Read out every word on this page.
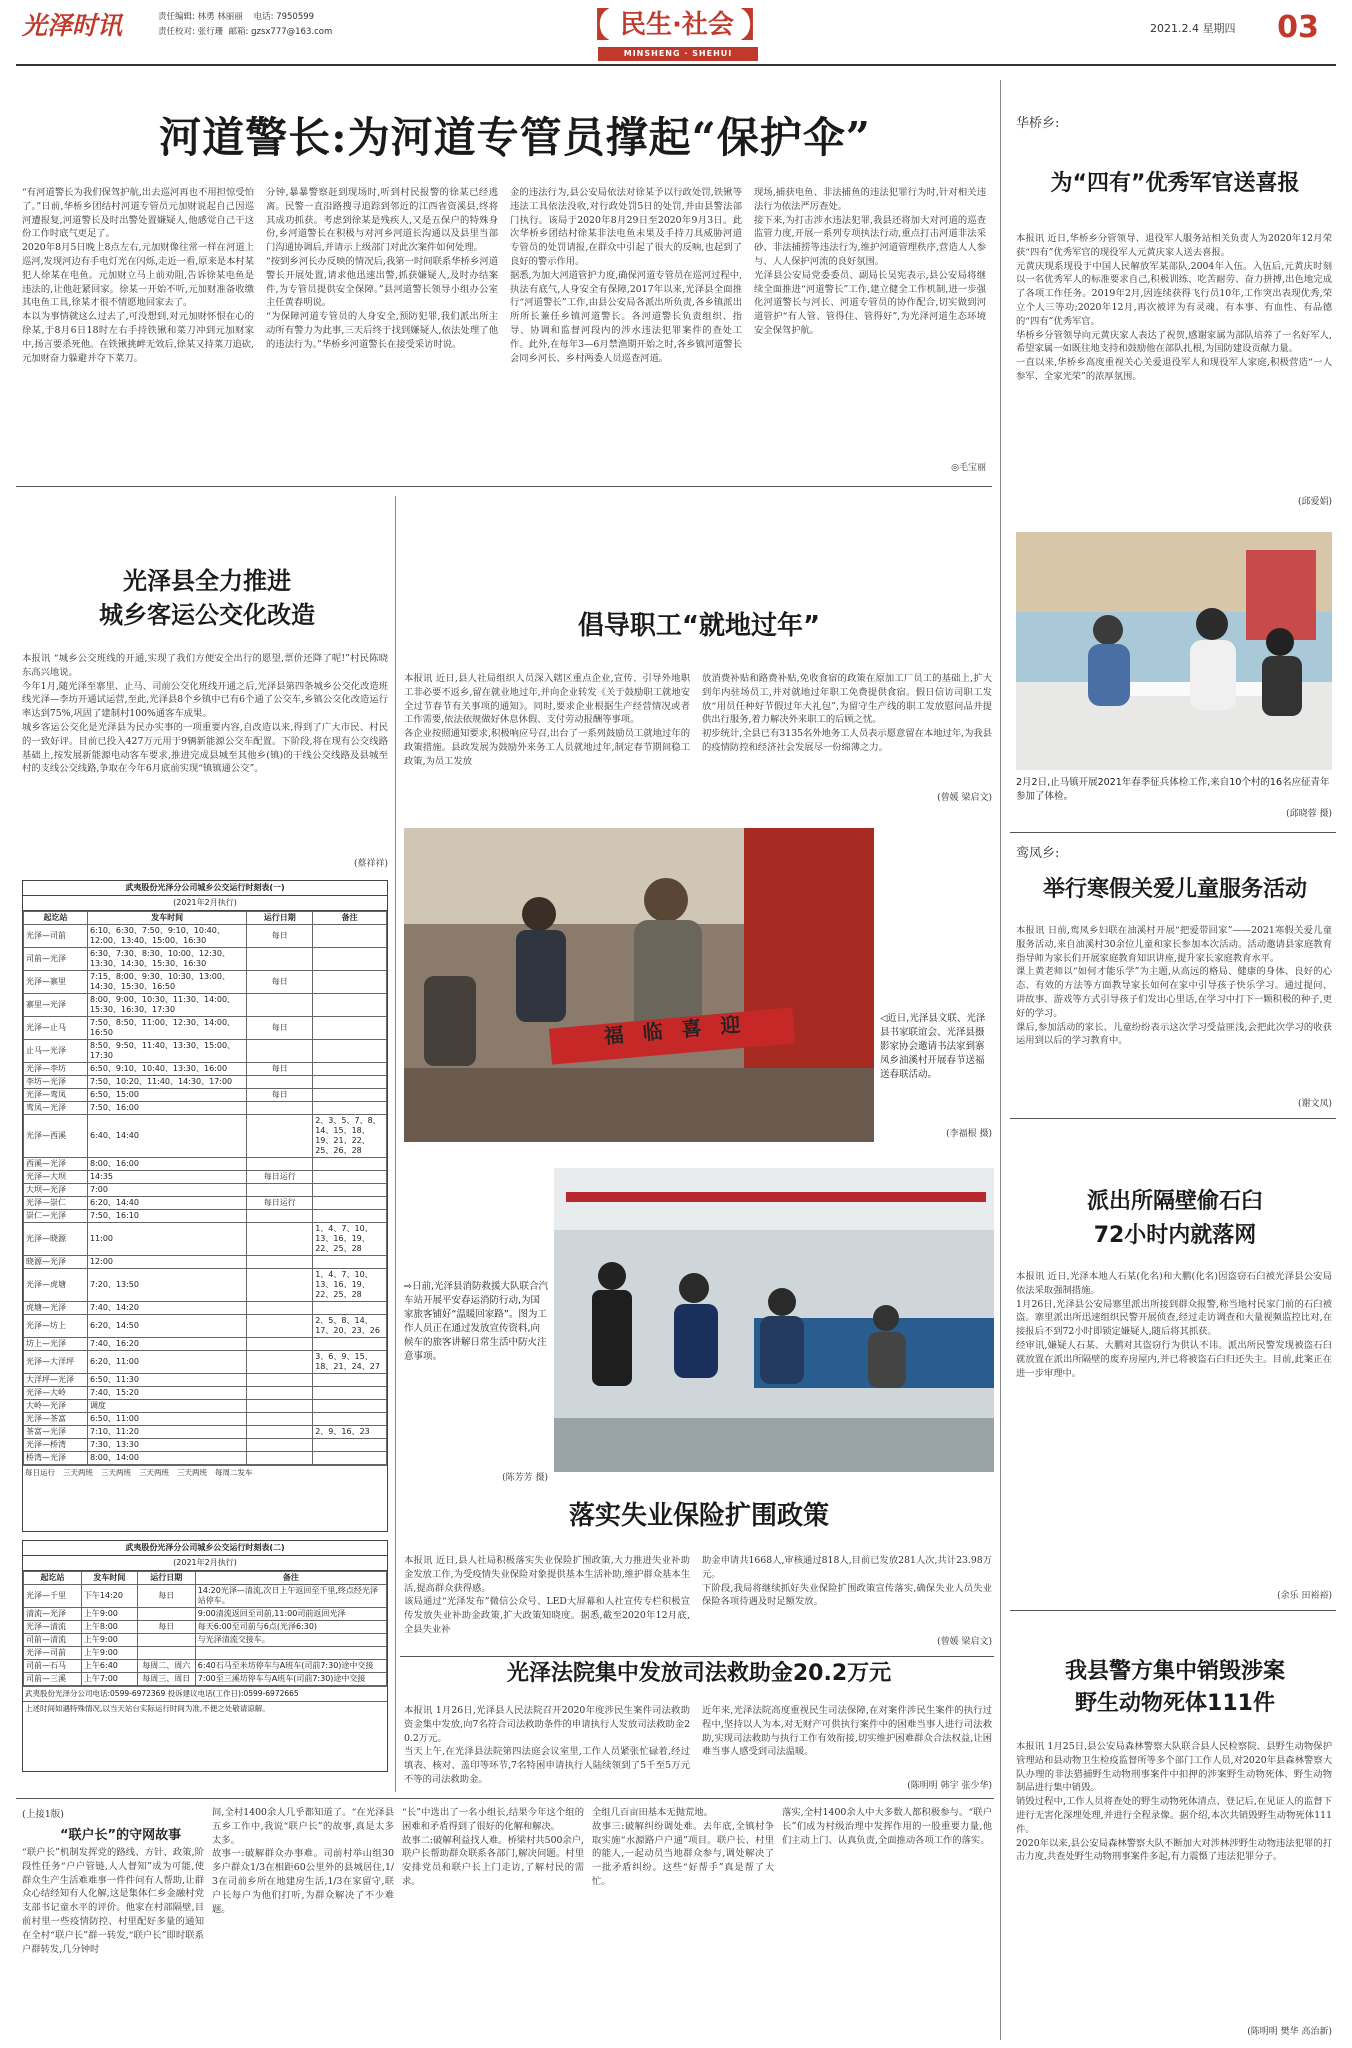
光泽时讯	责任编辑: 林勇 林丽丽 电话: 7950599
责任校对: 张行珊 邮箱: gzsx777@163.com	【 民生·社会 】
MINSHENG · SHEHUI
2021.2.4 星期四	03
河道警长:为河道专管员撑起“保护伞”
“有河道警长为我们保驾护航,出去巡河再也不用担惊受怕了。”日前,华桥乡团结村河道专管员元加财说起自己因巡河遭报复,河道警长及时出警处置嫌疑人,他感觉自己干这份工作时底气更足了。
2020年8月5日晚上8点左右,元加财像往常一样在河道上巡河,发现河边有手电灯光在闪烁,走近一看,原来是本村某犯人徐某在电鱼。元加财立马上前劝阻,告诉徐某电鱼是违法的,让他赶紧回家。徐某一开始不听,元加财准备收缴其电鱼工具,徐某才很不情愿地回家去了。
本以为事情就这么过去了,可没想到,对元加财怀恨在心的徐某,于8月6日18时左右手持铁锹和菜刀冲到元加财家中,扬言要杀死他。在铁锹挑衅无效后,徐某又持菜刀追砍,元加财奋力躲避并夺下菜刀。
分钟,暴暴警察赶到现场时,听到村民报警的徐某已经逃离。民警一直沿路搜寻追踪到邻近的江西省资溪县,终将其成功抓获。考虑到徐某是残疾人,又是五保户的特殊身份,乡河道警长在积极与对河乡河道长沟通以及县里当部门沟通协调后,并请示上级部门对此次案件如何处理。
“按到乡河长办反映的情况后,我第一时间联系华桥乡河道警长开展处置,请求他迅速出警,抓获嫌疑人,及时办结案件,为专管员提供安全保障。”县河道警长领导小组办公室主任黄春明说。
“为保障河道专管员的人身安全,预防犯罪,我们派出所主动所有警力为此事,三天后终于找到嫌疑人,依法处理了他的违法行为。”华桥乡河道警长在接受采访时说。
金的违法行为,县公安局依法对徐某予以行政处罚,铁锹等违法工具依法没收,对行政处罚5日的处罚,并由县警法部门执行。该局于2020年8月29日至2020年9月3日。此次华桥乡团结村徐某非法电鱼未果及手持刀具威胁河道专管员的处罚请报,在群众中引起了很大的反响,也起到了良好的警示作用。
据悉,为加大河道管护力度,确保河道专管员在巡河过程中,执法有底气,人身安全有保障,2017年以来,光泽县全面推行“河道警长”工作,由县公安局各派出所负责,各乡镇派出所所长兼任乡镇河道警长。各河道警长负责组织、指导、协调和监督河段内的涉水违法犯罪案件的查处工作。此外,在每年3—6月禁渔期开始之时,各乡镇河道警长会同乡河长、乡村两委人员巡查河道。
现场,捕获电鱼、非法捕鱼的违法犯罪行为时,针对相关违法行为依法严厉查处。
接下来,为打击涉水违法犯罪,我县还将加大对河道的巡查监管力度,开展一系列专项执法行动,重点打击河道非法采砂、非法捕捞等违法行为,维护河道管理秩序,营造人人参与、人人保护河流的良好氛围。
光泽县公安局党委委员、副局长吴宪表示,县公安局将继续全面推进“河道警长”工作,建立健全工作机制,进一步强化河道警长与河长、河道专管员的协作配合,切实做到河道管护“有人管、管得住、管得好”,为光泽河道生态环境安全保驾护航。
◎毛宝丽
华桥乡:
为“四有”优秀军官送喜报
本报讯 近日,华桥乡分管领导、退役军人服务站相关负责人为2020年12月荣获“四有”优秀军官的现役军人元黄庆家人送去喜报。
元黄庆现系现役于中国人民解放军某部队,2004年入伍。入伍后,元黄庆时刻以一名优秀军人的标准要求自己,积极训练、吃苦耐劳、奋力拼搏,出色地完成了各项工作任务。2019年2月,因连续获得飞行员10年,工作突出表现优秀,荣立个人三等功;2020年12月,再次被评为有灵魂、有本事、有血性、有品德的“四有”优秀军官。
华桥乡分管领导向元黄庆家人表达了祝贺,感谢家属为部队培养了一名好军人,希望家属一如既往地支持和鼓励他在部队扎根,为国防建设贡献力量。
一直以来,华桥乡高度重视关心关爱退役军人和现役军人家庭,积极营造“一人参军、全家光荣”的浓厚氛围。
(邱爱娟)
2月2日,止马镇开展2021年春季征兵体检工作,来自10个村的16名应征青年参加了体检。
(邱晓蓉 摄)
鸾凤乡:
举行寒假关爱儿童服务活动
本报讯 日前,鸾凤乡妇联在油溪村开展“把爱带回家”——2021寒假关爱儿童服务活动,来自油溪村30余位儿童和家长参加本次活动。活动邀请县家庭教育指导师为家长们开展家庭教育知识讲座,提升家长家庭教育水平。
课上黄老师以“如何才能乐学”为主题,从高远的格局、健康的身体、良好的心态、有效的方法等方面教导家长如何在家中引导孩子快乐学习。通过提问、讲故事、游戏等方式引导孩子们发出心里话,在学习中打下一颗积极的种子,更好的学习。
课后,参加活动的家长、儿童纷纷表示这次学习受益匪浅,会把此次学习的收获运用到以后的学习教育中。
(谢文凤)
派出所隔壁偷石臼
72小时内就落网
本报讯 近日,光泽本地人石某(化名)和大鹏(化名)因盗窃石臼被光泽县公安局依法采取强制措施。
1月26日,光泽县公安局寨里派出所接到群众报警,称当地村民家门前的石臼被盗。寨里派出所迅速组织民警开展侦查,经过走访调查和大量视频监控比对,在接报后不到72小时即锁定嫌疑人,随后将其抓获。
经审讯,嫌疑人石某、大鹏对其盗窃行为供认不讳。派出所民警发现被盗石臼就放置在派出所隔壁的废弃房屋内,并已将被盗石臼归还失主。目前,此案正在进一步审理中。
(余乐 田裕裕)
我县警方集中销毁涉案
野生动物死体111件
本报讯 1月25日,县公安局森林警察大队联合县人民检察院、县野生动物保护管理站和县动物卫生检疫监督所等多个部门工作人员,对2020年县森林警察大队办理的非法猎捕野生动物刑事案件中扣押的涉案野生动物死体、野生动物制品进行集中销毁。
销毁过程中,工作人员将查处的野生动物死体清点、登记后,在见证人的监督下进行无害化深埋处理,并进行全程录像。据介绍,本次共销毁野生动物死体111件。
2020年以来,县公安局森林警察大队不断加大对涉林涉野生动物违法犯罪的打击力度,共查处野生动物刑事案件多起,有力震慑了违法犯罪分子。
(陈明明 樊华 高治新)
光泽县全力推进
城乡客运公交化改造
本报讯 “城乡公交班线的开通,实现了我们方便安全出行的愿望,票价还降了呢!”村民陈晓东高兴地说。
今年1月,随光泽至寨里、止马、司前公交化班线开通之后,光泽县第四条城乡公交化改造班线光泽—李坊开通试运营,至此,光泽县8个乡镇中已有6个通了公交车,乡镇公交化改造运行率达到75%,巩固了建制村100%通客车成果。
城乡客运公交化是光泽县为民办实事的一项重要内容,自改造以来,得到了广大市民、村民的一致好评。目前已投入427万元用于9辆新能源公交车配置。下阶段,将在现有公交线路基础上,按发展新能源电动客车要求,推进完成县城至其他乡(镇)的干线公交线路及县城至村的支线公交线路,争取在今年6月底前实现“镇镇通公交”。
(蔡祥祥)
武夷股份光泽分公司城乡公交运行时刻表(一)
(2021年2月执行)
起讫站	发车时间	运行日期	备注
光泽—司前	6:10、6:30、7:50、9:10、10:40、12:00、13:40、15:00、16:30	每日	
司前—光泽	6:30、7:30、8:30、10:00、12:30、13:30、14:30、15:30、16:30		
光泽—寨里	7:15、8:00、9:30、10:30、13:00、14:30、15:30、16:50	每日	
寨里—光泽	8:00、9:00、10:30、11:30、14:00、15:30、16:30、17:30		
光泽—止马	7:50、8:50、11:00、12:30、14:00、16:50	每日	
止马—光泽	8:50、9:50、11:40、13:30、15:00、17:30		
光泽—李坊	6:50、9:10、10:40、13:30、16:00	每日	
李坊—光泽	7:50、10:20、11:40、14:30、17:00		
光泽—鸾凤	6:50、15:00	每日	
鸾凤—光泽	7:50、16:00		
光泽—西溪	6:40、14:40		2、3、5、7、8、14、15、18、19、21、22、25、26、28
西溪—光泽	8:00、16:00		
光泽—大坝	14:35	每日运行	
大坝—光泽	7:00		
光泽—崇仁	6:20、14:40	每日运行	
崇仁—光泽	7:50、16:10		
光泽—晓源	11:00		1、4、7、10、13、16、19、22、25、28
晓源—光泽	12:00		
光泽—虎塘	7:20、13:50		1、4、7、10、13、16、19、22、25、28
虎塘—光泽	7:40、14:20		
光泽—坊上	6:20、14:50		2、5、8、14、17、20、23、26
坊上—光泽	7:40、16:20		
光泽—大洋坪	6:20、11:00		3、6、9、15、18、21、24、27
大洋坪—光泽	6:50、11:30		
光泽—大岭	7:40、15:20		
大岭—光泽	调度		
光泽—茶富	6:50、11:00		
茶富—光泽	7:10、11:20		2、9、16、23
光泽—桥湾	7:30、13:30		
桥湾—光泽	8:00、14:00		
每日运行 三天两班 三天两班 三天两班 三天两班 每周二发车
武夷股份光泽分公司城乡公交运行时刻表(二)
(2021年2月执行)
起讫站	发车时间	运行日期	备注
光泽—千里	下午14:20	每日	14:20光泽—清流,次日上午返回至千里,终点经光泽站停车。
清流—光泽	上午9:00		9:00清流返回至司前,11:00司前返回光泽
光泽—清流	上午8:00	每日	每天6:00至司前与6点(光泽6:30)
司前—清流	上午9:00		与光泽清流交接车。
光泽—司前	上午9:00		
司前—石马	上午6:40	每周二、周六	6:40石马至米坊停车与A班车(司前7:30)途中交接
司前—三溪	上午7:00	每周三、周日	7:00至三溪坊停车与A班车(司前7:30)途中交接
武夷股份光泽分公司电话:0599-6972369 投诉建议电话(工作日):0599-6972665
上述时间如遇特殊情况,以当天站台实际运行时间为准,不便之处敬请谅解。
倡导职工“就地过年”
本报讯 近日,县人社局组织人员深入辖区重点企业,宣传、引导外地职工非必要不返乡,留在就业地过年,并向企业转发《关于鼓励职工就地安全过节春节有关事项的通知》。同时,要求企业根据生产经营情况或者工作需要,依法依规做好休息休假、支付劳动报酬等事项。
各企业按照通知要求,积极响应号召,出台了一系列鼓励员工就地过年的政策措施。县政发展为鼓励外来务工人员就地过年,制定春节期间稳工政策,为员工发放
放消费补贴和路费补贴,免收食宿的政策在原加工厂员工的基础上,扩大到年内驻场员工,并对就地过年职工免费提供食宿。假日信访司职工发放“用员任种好节假过年大礼包”,为留守生产线的职工发放慰问品并提供出行服务,着力解决外来职工的后顾之忧。
初步统计,全县已有3135名外地务工人员表示愿意留在本地过年,为我县的疫情防控和经济社会发展尽一份绵薄之力。
(曾媛 梁启文)
福 临 喜 迎	◁近日,光泽县文联、光泽县书家联谊会、光泽县摄影家协会邀请书法家到寨凤乡油溪村开展春节送福送春联活动。
(李福根 摄)
⇨日前,光泽县消防救援大队联合汽车站开展平安春运消防行动,为国家旅客铺好“温暖回家路”。图为工作人员正在通过发放宣传资料,向候车的旅客讲解日常生活中防火注意事项。
(陈芳芳 摄)
落实失业保险扩围政策
本报讯 近日,县人社局积极落实失业保险扩围政策,大力推进失业补助金发放工作,为受疫情失业保险对象提供基本生活补助,维护群众基本生活,提高群众获得感。
该局通过“光泽发布”微信公众号、LED大屏幕和人社宣传专栏积极宣传发放失业补助金政策,扩大政策知晓度。据悉,截至2020年12月底,全县失业补
助金申请共1668人,审核通过818人,目前已发放281人次,共计23.98万元。
下阶段,我局将继续抓好失业保险扩围政策宣传落实,确保失业人员失业保险各项待遇及时足额发放。
(曾媛 梁启文)
光泽法院集中发放司法救助金20.2万元
本报讯 1月26日,光泽县人民法院召开2020年度涉民生案件司法救助资金集中发放,向7名符合司法救助条件的申请执行人发放司法救助金20.2万元。
当天上午,在光泽县法院第四法庭会议室里,工作人员紧张忙碌着,经过填表、核对、盖印等环节,7名特困申请执行人陆续领到了5千至5万元不等的司法救助金。
近年来,光泽法院高度重视民生司法保障,在对案件涉民生案件的执行过程中,坚持以人为本,对无财产可供执行案件中的困难当事人进行司法救助,实现司法救助与执行工作有效衔接,切实维护困难群众合法权益,让困难当事人感受到司法温暖。
(陈明明 韩宇 张少华)
(上接1版)
“联户长”的守网故事
“联户长”机制发挥党的路线、方针、政策,阶段性任务“户户管链,人人督知”成为可能,使群众生产生活难难事一件件问有人帮助,让群众心结经知有人化解,这是集体仁乡金融村党支部书记童水平的评价。他家在村部隔壁,目前村里一些疫情防控、村里配好多量的通知在全村“联户长”群一转发,“联户长”即时联系户群转发,几分钟时
间,全村1400余人几乎都知道了。“在光泽县五乡工作中,我说“联户长”的故事,真是太多太多。
故事一:破解群众办事难。司前村举山组30多户群众1/3在相距60公里外的县城居住,1/3在司前乡所在地建房生活,1/3在家留守,联户长每户为他们打听,为群众解决了不少难题。
“长”中选出了一名小组长,结果今年这个组的困难和矛盾得到了很好的化解和解决。
故事二:破解利益找人难。桥梁村共500余户,联户长帮助群众联系各部门,解决问题。村里安排党员和联户长上门走访,了解村民的需求。
全组几百亩田基本无抛荒地。
故事三:破解纠纷调处难。去年底,全镇村争取实施“水源路户户通”项目。联户长、村里的能人,一起动员当地群众参与,调处解决了一批矛盾纠纷。这些“好帮手”真是帮了大忙。
落实,全村1400余人中大多数人都积极参与。“联户长”们成为村级治理中发挥作用的一股重要力量,他们主动上门、认真负责,全面推动各项工作的落实。
